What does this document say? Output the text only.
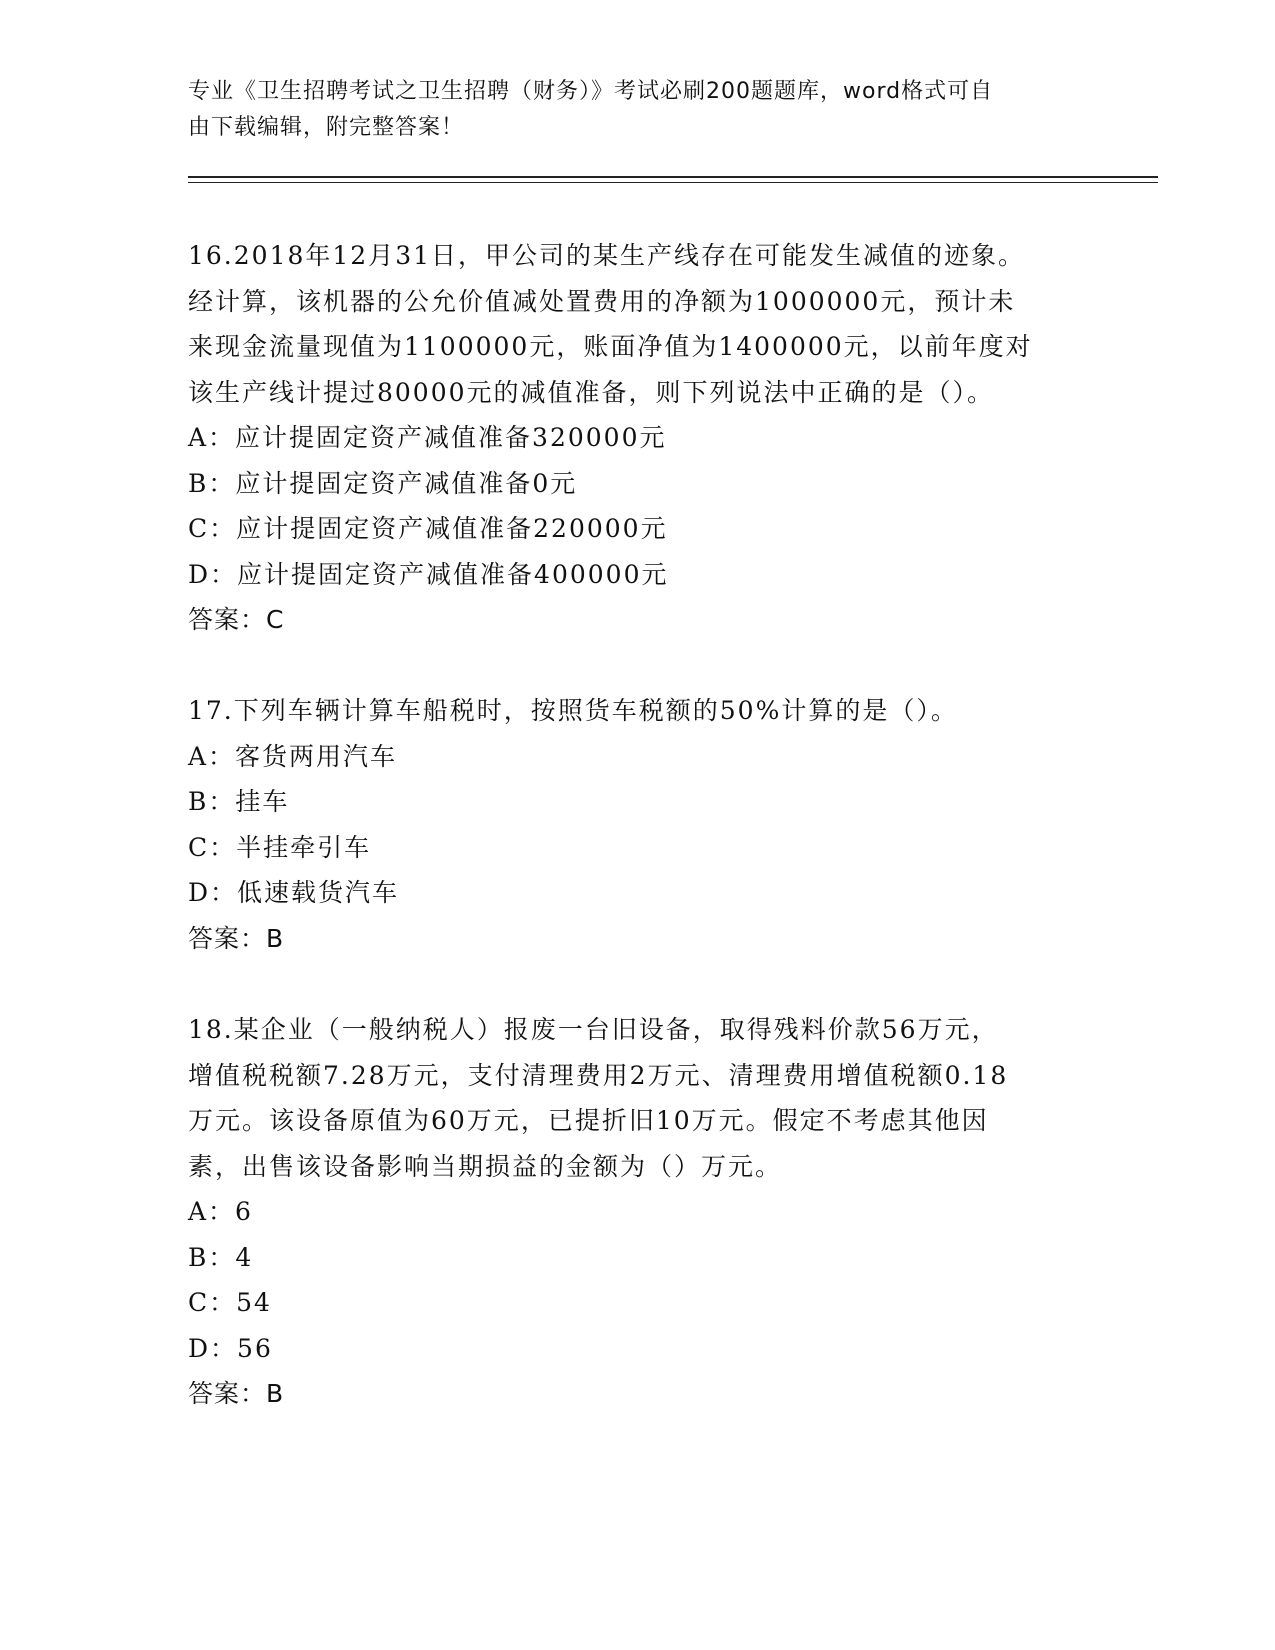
专业《卫生招聘考试之卫生招聘（财务）》考试必刷200题题库，word格式可自
由下载编辑，附完整答案！
16.2018年12月31日，甲公司的某生产线存在可能发生减值的迹象。
经计算，该机器的公允价值减处置费用的净额为1000000元，预计未
来现金流量现值为1100000元，账面净值为1400000元，以前年度对
该生产线计提过80000元的减值准备，则下列说法中正确的是（）。
A：应计提固定资产减值准备320000元
B：应计提固定资产减值准备0元
C：应计提固定资产减值准备220000元
D：应计提固定资产减值准备400000元
答案：C
17.下列车辆计算车船税时，按照货车税额的50%计算的是（）。
A：客货两用汽车
B：挂车
C：半挂牵引车
D：低速载货汽车
答案：B
18.某企业（一般纳税人）报废一台旧设备，取得残料价款56万元，
增值税税额7.28万元，支付清理费用2万元、清理费用增值税额0.18
万元。该设备原值为60万元，已提折旧10万元。假定不考虑其他因
素，出售该设备影响当期损益的金额为（）万元。
A：6
B：4
C：54
D：56
答案：B
